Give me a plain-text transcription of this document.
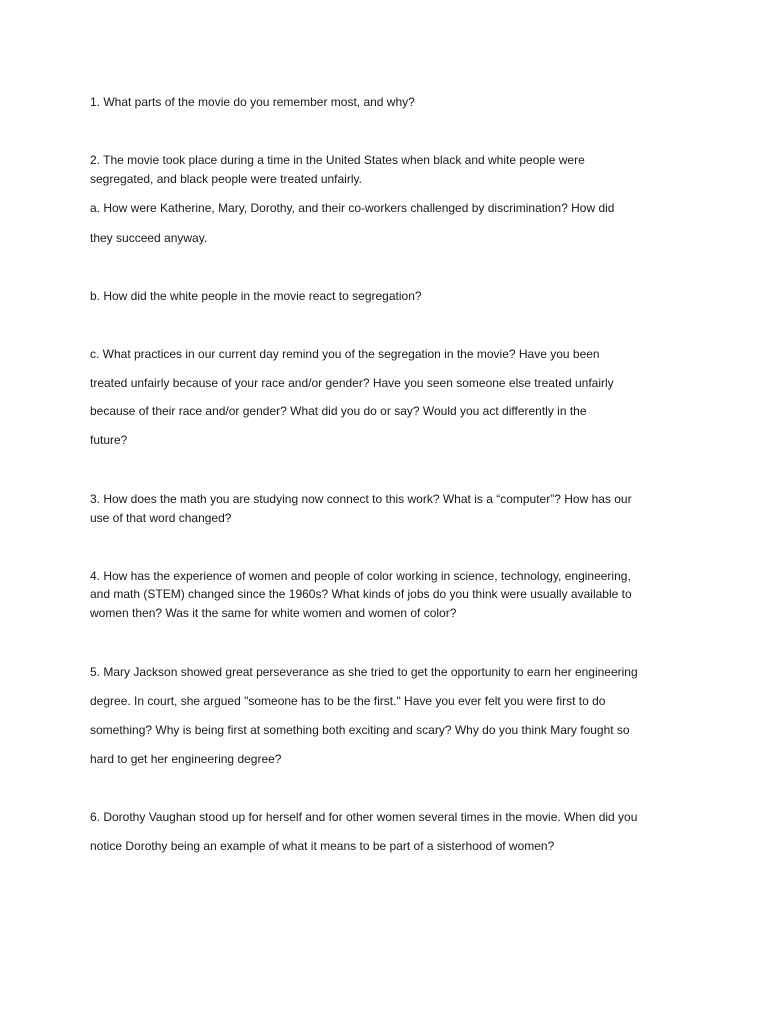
1. What parts of the movie do you remember most, and why?

2. The movie took place during a time in the United States when black and white people were

segregated, and black people were treated unfairly.

a. How were Katherine, Mary, Dorothy, and their co-workers challenged by discrimination? How did

they succeed anyway.

b. How did the white people in the movie react to segregation?

c. What practices in our current day remind you of the segregation in the movie? Have you been

treated unfairly because of your race and/or gender? Have you seen someone else treated unfairly

because of their race and/or gender? What did you do or say? Would you act differently in the

future?

3. How does the math you are studying now connect to this work? What is a “computer”? How has our

use of that word changed?

4. How has the experience of women and people of color working in science, technology, engineering,

and math (STEM) changed since the 1960s? What kinds of jobs do you think were usually available to

women then? Was it the same for white women and women of color?

5. Mary Jackson showed great perseverance as she tried to get the opportunity to earn her engineering

degree. In court, she argued "someone has to be the first." Have you ever felt you were first to do

something? Why is being first at something both exciting and scary? Why do you think Mary fought so

hard to get her engineering degree?

6. Dorothy Vaughan stood up for herself and for other women several times in the movie. When did you

notice Dorothy being an example of what it means to be part of a sisterhood of women?
